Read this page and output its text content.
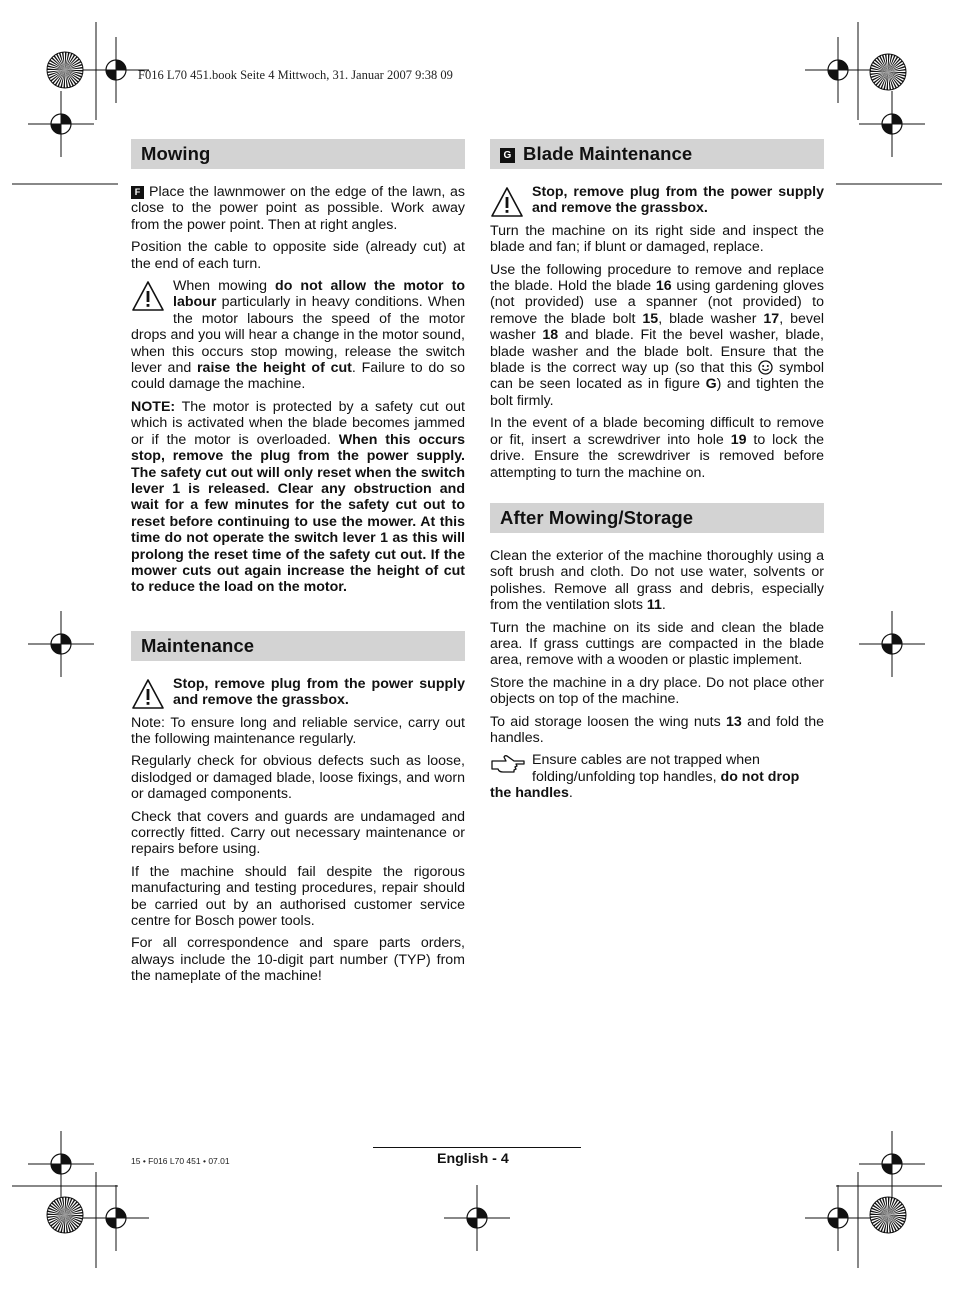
F016 L70 451.book Seite 4 Mittwoch, 31. Januar 2007 9:38 09
Mowing

F Place the lawnmower on the edge of the lawn, as close to the power point as possible. Work away from the power point. Then at right angles.

Position the cable to opposite side (already cut) at the end of each turn.

When mowing do not allow the motor to labour particularly in heavy conditions. When the motor labours the speed of the motor drops and you will hear a change in the motor sound, when this occurs stop mowing, release the switch lever and raise the height of cut. Failure to do so could damage the machine.

NOTE: The motor is protected by a safety cut out which is activated when the blade becomes jammed or if the motor is overloaded. When this occurs stop, remove the plug from the power supply. The safety cut out will only reset when the switch lever 1 is released. Clear any obstruction and wait for a few minutes for the safety cut out to reset before continuing to use the mower. At this time do not operate the switch lever 1 as this will prolong the reset time of the safety cut out. If the mower cuts out again increase the height of cut to reduce the load on the motor.

Maintenance

Stop, remove plug from the power supply and remove the grassbox.

Note: To ensure long and reliable service, carry out the following maintenance regularly.

Regularly check for obvious defects such as loose, dislodged or damaged blade, loose fixings, and worn or damaged components.

Check that covers and guards are undamaged and correctly fitted. Carry out necessary maintenance or repairs before using.

If the machine should fail despite the rigorous manufacturing and testing procedures, repair should be carried out by an authorised customer service centre for Bosch power tools.

For all correspondence and spare parts orders, always include the 10-digit part number (TYP) from the nameplate of the machine!

G Blade Maintenance

Stop, remove plug from the power supply and remove the grassbox.

Turn the machine on its right side and inspect the blade and fan; if blunt or damaged, replace.

Use the following procedure to remove and replace the blade. Hold the blade 16 using gardening gloves (not provided) use a spanner (not provided) to remove the blade bolt 15, blade washer 17, bevel washer 18 and blade. Fit the bevel washer, blade, blade washer and the blade bolt. Ensure that the blade is the correct way up (so that this  symbol can be seen located as in figure G) and tighten the bolt firmly.

In the event of a blade becoming difficult to remove or fit, insert a screwdriver into hole 19 to lock the drive. Ensure the screwdriver is removed before attempting to turn the machine on.

After Mowing/Storage

Clean the exterior of the machine thoroughly using a soft brush and cloth. Do not use water, solvents or polishes. Remove all grass and debris, especially from the ventilation slots 11.

Turn the machine on its side and clean the blade area. If grass cuttings are compacted in the blade area, remove with a wooden or plastic implement.

Store the machine in a dry place. Do not place other objects on top of the machine.

To aid storage loosen the wing nuts 13 and fold the handles.

Ensure cables are not trapped when folding/unfolding top handles, do not drop the handles.

15 • F016 L70 451 • 07.01	English - 4
